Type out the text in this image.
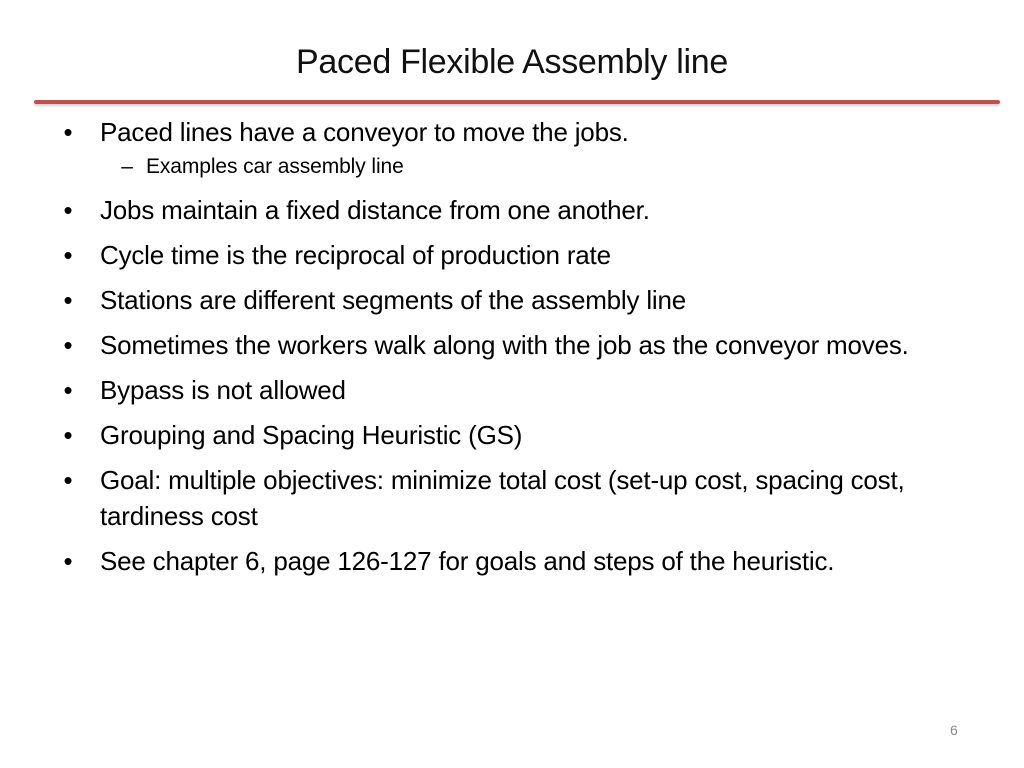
Paced Flexible Assembly line
• Paced lines have a conveyor to move the jobs.
– Examples car assembly line
• Jobs maintain a fixed distance from one another.
• Cycle time is the reciprocal of production rate
• Stations are different segments of the assembly line
• Sometimes the workers walk along with the job as the conveyor moves.
• Bypass is not allowed
• Grouping and Spacing Heuristic (GS)
• Goal: multiple objectives: minimize total cost (set-up cost, spacing cost, tardiness cost
• See chapter 6, page 126-127 for goals and steps of the heuristic.
6
